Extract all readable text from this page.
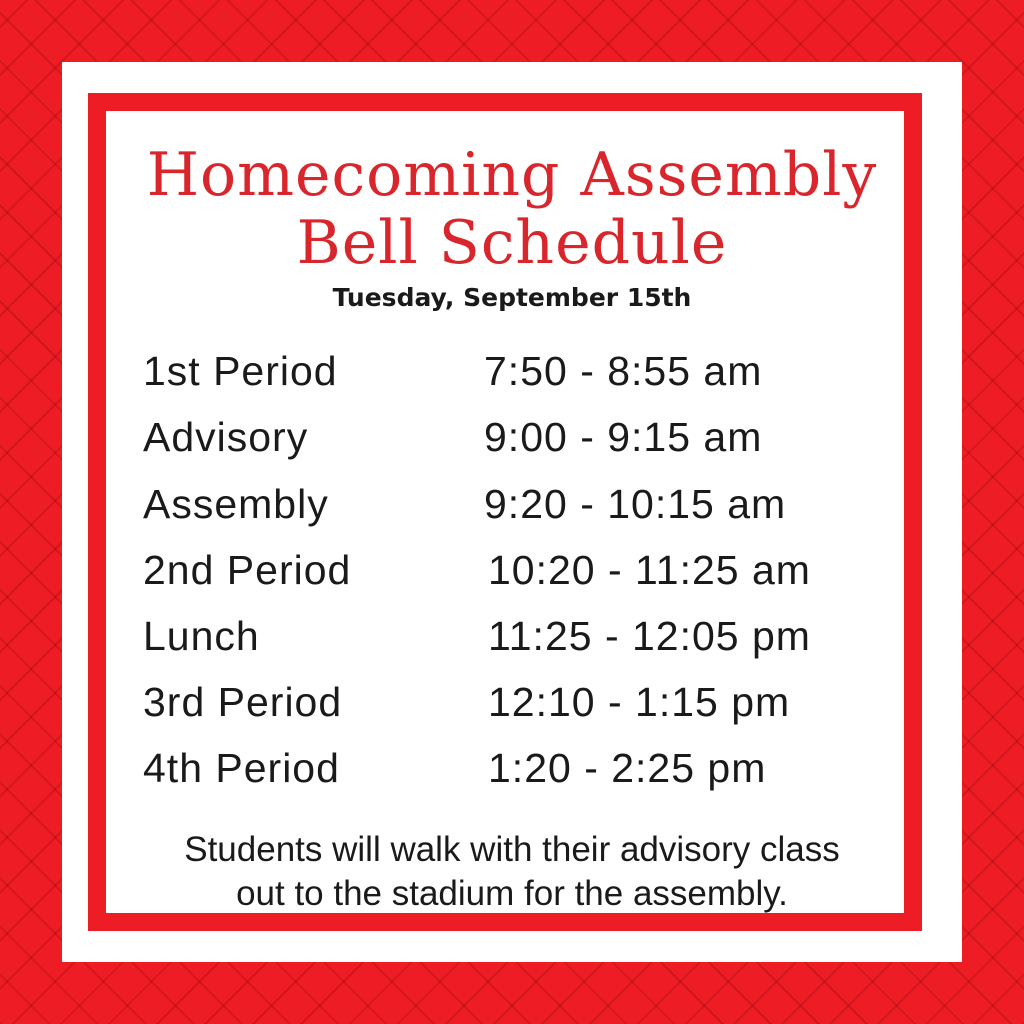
Homecoming Assembly
Bell Schedule
Tuesday, September 15th
1st Period	7:50 - 8:55 am
Advisory	9:00 - 9:15 am
Assembly	9:20 - 10:15 am
2nd Period	10:20 - 11:25 am
Lunch	11:25 - 12:05 pm
3rd Period	12:10 - 1:15 pm
4th Period	1:20 - 2:25 pm
Students will walk with their advisory class
out to the stadium for the assembly.
